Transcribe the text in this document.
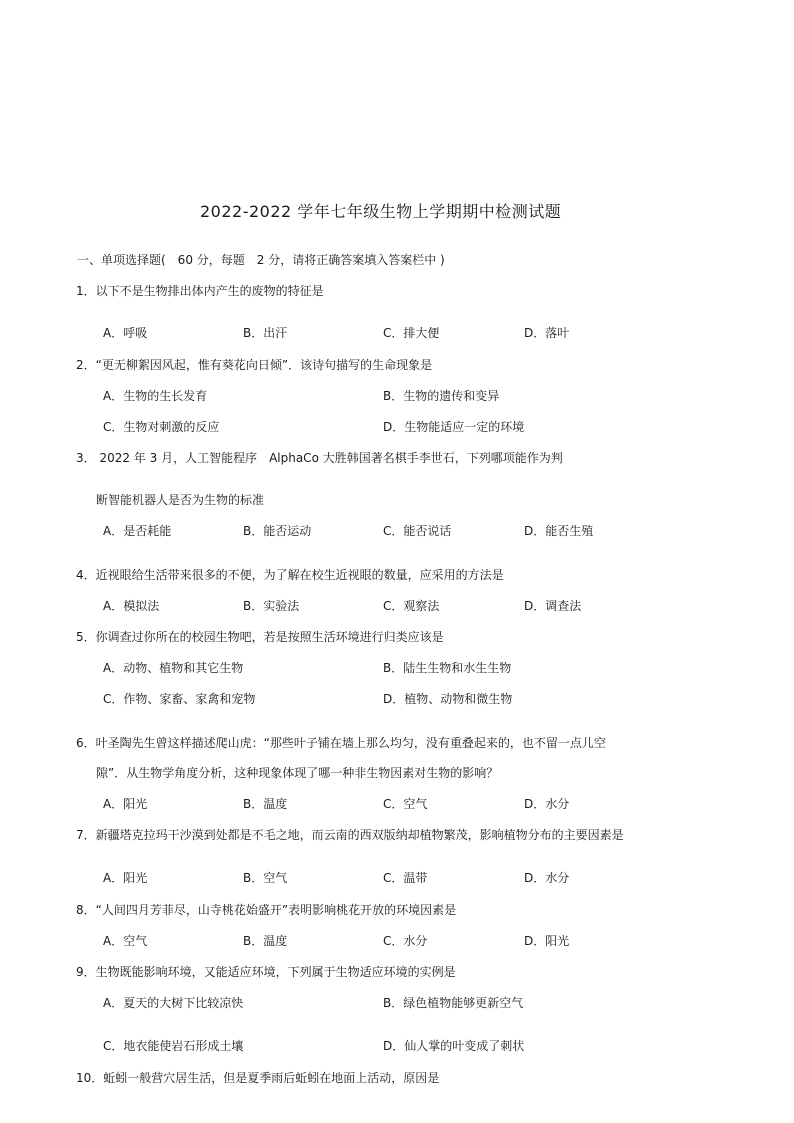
2022-2022 学年七年级生物上学期期中检测试题
一、单项选择题(　60 分，每题　2 分，请将正确答案填入答案栏中 )
1．以下不是生物排出体内产生的废物的特征是
A．呼吸	B．出汗	C．排大便	D．落叶
2．“更无柳絮因风起，惟有葵花向日倾”．该诗句描写的生命现象是
A．生物的生长发育	B．生物的遗传和变异
C．生物对刺激的反应	D．生物能适应一定的环境
3． 2022 年 3 月，人工智能程序　AlphaCo 大胜韩国著名棋手李世石，下列哪项能作为判
断智能机器人是否为生物的标准
A．是否耗能	B．能否运动	C．能否说话	D．能否生殖
4．近视眼给生活带来很多的不便，为了解在校生近视眼的数量，应采用的方法是
A．模拟法	B．实验法	C．观察法	D．调查法
5．你调查过你所在的校园生物吧，若是按照生活环境进行归类应该是
A．动物、植物和其它生物	B．陆生生物和水生生物
C．作物、家畜、家禽和宠物	D．植物、动物和微生物
6．叶圣陶先生曾这样描述爬山虎：“那些叶子铺在墙上那么均匀，没有重叠起来的，也不留一点儿空
隙”．从生物学角度分析，这种现象体现了哪一种非生物因素对生物的影响？
A．阳光	B．温度	C．空气	D．水分
7．新疆塔克拉玛干沙漠到处都是不毛之地，而云南的西双版纳却植物繁茂，影响植物分布的主要因素是
A．阳光	B．空气	C．温带	D．水分
8．“人间四月芳菲尽，山寺桃花始盛开”表明影响桃花开放的环境因素是
A．空气	B．温度	C．水分	D．阳光
9．生物既能影响环境，又能适应环境，下列属于生物适应环境的实例是
A．夏天的大树下比较凉快	B．绿色植物能够更新空气
C．地衣能使岩石形成土壤	D．仙人掌的叶变成了刺状
10．蚯蚓一般营穴居生活，但是夏季雨后蚯蚓在地面上活动，原因是
